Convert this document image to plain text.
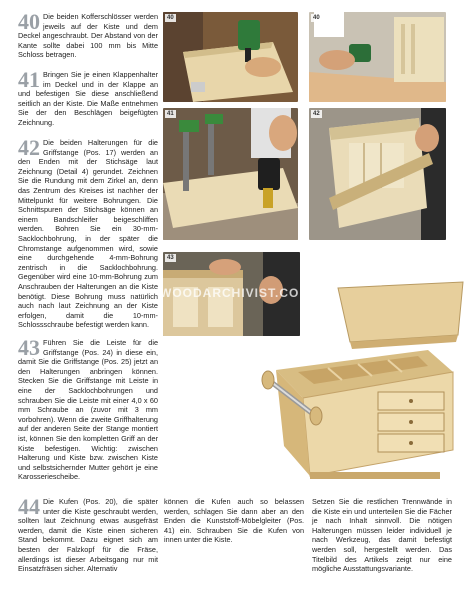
40 Die beiden Kofferschlösser werden jeweils auf der Kiste und dem Deckel angeschraubt. Der Abstand von der Kante sollte dabei 100 mm bis Mitte Schloss betragen.
41 Bringen Sie je einen Klappenhalter im Deckel und in der Klappe an und befestigen Sie diese anschließend seitlich an der Kiste. Die Maße entnehmen Sie der den Beschlägen beigefügten Zeichnung.
42 Die beiden Halterungen für die Griffstange (Pos. 17) werden an den Enden mit der Stichsäge laut Zeichnung (Detail 4) gerundet. Zeichnen Sie die Rundung mit dem Zirkel an, denn das Zentrum des Kreises ist nachher der Mittelpunkt für weitere Bohrungen. Die Schnittspuren der Stichsäge können an einem Bandschleifer beigeschliffen werden. Bohren Sie ein 30-mm-Sacklochbohrung, in der später die Chromstange aufgenommen wird, sowie eine durchgehende 4-mm-Bohrung zentrisch in die Sacklochbohrung. Gegenüber wird eine 10-mm-Bohrung zum Anschrauben der Halterungen an die Kiste benötigt. Diese Bohrung muss natürlich auch nach laut Zeichnung an der Kiste erfolgen, damit die 10-mm-Schlossschraube befestigt werden kann.
43 Führen Sie die Leiste für die Griffstange (Pos. 24) in diese ein, damit Sie die Griffstange (Pos. 25) jetzt an den Halterungen anbringen können. Stecken Sie die Griffstange mit Leiste in eine der Sacklochbohrungen und schrauben Sie die Leiste mit einer 4,0 x 60 mm Schraube an (zuvor mit 3 mm vorbohren). Wenn die zweite Griffhalterung auf der anderen Seite der Stange montiert ist, können Sie den kompletten Griff an der Kiste befestigen. Wichtig: zwischen Halterung und Kiste bzw. zwischen Kiste und selbstsichernder Mutter gehört je eine Karosseriescheibe.
44 Die Kufen (Pos. 20), die später unter die Kiste geschraubt werden, sollten laut Zeichnung etwas ausgefräst werden, damit die Kiste einen sicheren Stand bekommt. Dazu eignet sich am besten der Falzkopf für die Fräse, allerdings ist dieser Arbeitsgang nur mit Einsatzfräsen sicher. Alternativ
40	40
41	42
43
WOODARCHIVIST.COM
können die Kufen auch so belassen werden, schlagen Sie dann aber an den Enden die Kunststoff-Möbelgleiter (Pos. 41) ein. Schrauben Sie die Kufen von innen unter die Kiste.
Setzen Sie die restlichen Trennwände in die Kiste ein und unterteilen Sie die Fächer je nach Inhalt sinnvoll. Die nötigen Halterungen müssen leider individuell je nach Werkzeug, das damit befestigt werden soll, hergestellt werden. Das Titelbild des Artikels zeigt nur eine mögliche Ausstattungsvariante.
